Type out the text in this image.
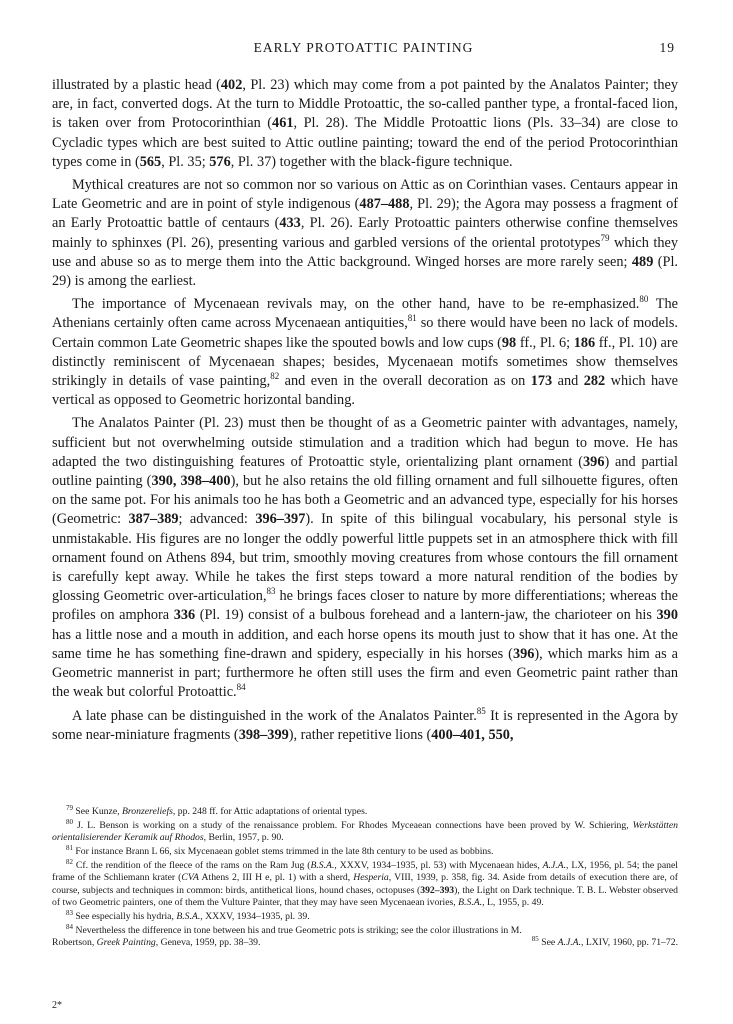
EARLY PROTOATTIC PAINTING	19

illustrated by a plastic head (402, Pl. 23) which may come from a pot painted by the Analatos Painter; they are, in fact, converted dogs. At the turn to Middle Protoattic, the so-called panther type, a frontal-faced lion, is taken over from Protocorinthian (461, Pl. 28). The Middle Protoattic lions (Pls. 33–34) are close to Cycladic types which are best suited to Attic outline painting; toward the end of the period Protocorinthian types come in (565, Pl. 35; 576, Pl. 37) together with the black-figure technique.

Mythical creatures are not so common nor so various on Attic as on Corinthian vases. Centaurs appear in Late Geometric and are in point of style indigenous (487–488, Pl. 29); the Agora may possess a fragment of an Early Protoattic battle of centaurs (433, Pl. 26). Early Protoattic painters otherwise confine themselves mainly to sphinxes (Pl. 26), presenting various and garbled versions of the oriental prototypes$^{79}$ which they use and abuse so as to merge them into the Attic background. Winged horses are more rarely seen; 489 (Pl. 29) is among the earliest.

The importance of Mycenaean revivals may, on the other hand, have to be re-emphasized.$^{80}$ The Athenians certainly often came across Mycenaean antiquities,$^{81}$ so there would have been no lack of models. Certain common Late Geometric shapes like the spouted bowls and low cups (98 ff., Pl. 6; 186 ff., Pl. 10) are distinctly reminiscent of Mycenaean shapes; besides, Mycenaean motifs sometimes show themselves strikingly in details of vase painting,$^{82}$ and even in the overall decoration as on 173 and 282 which have vertical as opposed to Geometric horizontal banding.

The Analatos Painter (Pl. 23) must then be thought of as a Geometric painter with advantages, namely, sufficient but not overwhelming outside stimulation and a tradition which had begun to move. He has adapted the two distinguishing features of Protoattic style, orientalizing plant ornament (396) and partial outline painting (390, 398–400), but he also retains the old filling ornament and full silhouette figures, often on the same pot. For his animals too he has both a Geometric and an advanced type, especially for his horses (Geometric: 387–389; advanced: 396–397). In spite of this bilingual vocabulary, his personal style is unmistakable. His figures are no longer the oddly powerful little puppets set in an atmosphere thick with fill ornament found on Athens 894, but trim, smoothly moving creatures from whose contours the fill ornament is carefully kept away. While he takes the first steps toward a more natural rendition of the bodies by glossing Geometric over-articulation,$^{83}$ he brings faces closer to nature by more differentiations; whereas the profiles on amphora 336 (Pl. 19) consist of a bulbous forehead and a lantern-jaw, the charioteer on his 390 has a little nose and a mouth in addition, and each horse opens its mouth just to show that it has one. At the same time he has something fine-drawn and spidery, especially in his horses (396), which marks him as a Geometric mannerist in part; furthermore he often still uses the firm and even Geometric paint rather than the weak but colorful Protoattic.$^{84}$

A late phase can be distinguished in the work of the Analatos Painter.$^{85}$ It is represented in the Agora by some near-miniature fragments (398–399), rather repetitive lions (400–401, 550,

$^{79}$ See Kunze, Bronzereliefs, pp. 248 ff. for Attic adaptations of oriental types.

$^{80}$ J. L. Benson is working on a study of the renaissance problem. For Rhodes Myceaean connections have been proved by W. Schiering, Werkstätten orientalisierender Keramik auf Rhodos, Berlin, 1957, p. 90.

$^{81}$ For instance Brann L 66, six Mycenaean goblet stems trimmed in the late 8th century to be used as bobbins.

$^{82}$ Cf. the rendition of the fleece of the rams on the Ram Jug (B.S.A., XXXV, 1934–1935, pl. 53) with Mycenaean hides, A.J.A., LX, 1956, pl. 54; the panel frame of the Schliemann krater (CVA Athens 2, III H e, pl. 1) with a sherd, Hesperia, VIII, 1939, p. 358, fig. 34. Aside from details of execution there are, of course, subjects and techniques in common: birds, antithetical lions, hound chases, octopuses (392–393), the Light on Dark technique. T. B. L. Webster observed of two Geometric painters, one of them the Vulture Painter, that they may have seen Mycenaean ivories, B.S.A., L, 1955, p. 49.

$^{83}$ See especially his hydria, B.S.A., XXXV, 1934–1935, pl. 39.

$^{84}$ Nevertheless the difference in tone between his and true Geometric pots is striking; see the color illustrations in M. Robertson, Greek Painting, Geneva, 1959, pp. 38–39.	$^{85}$ See A.J.A., LXIV, 1960, pp. 71–72.

2*
